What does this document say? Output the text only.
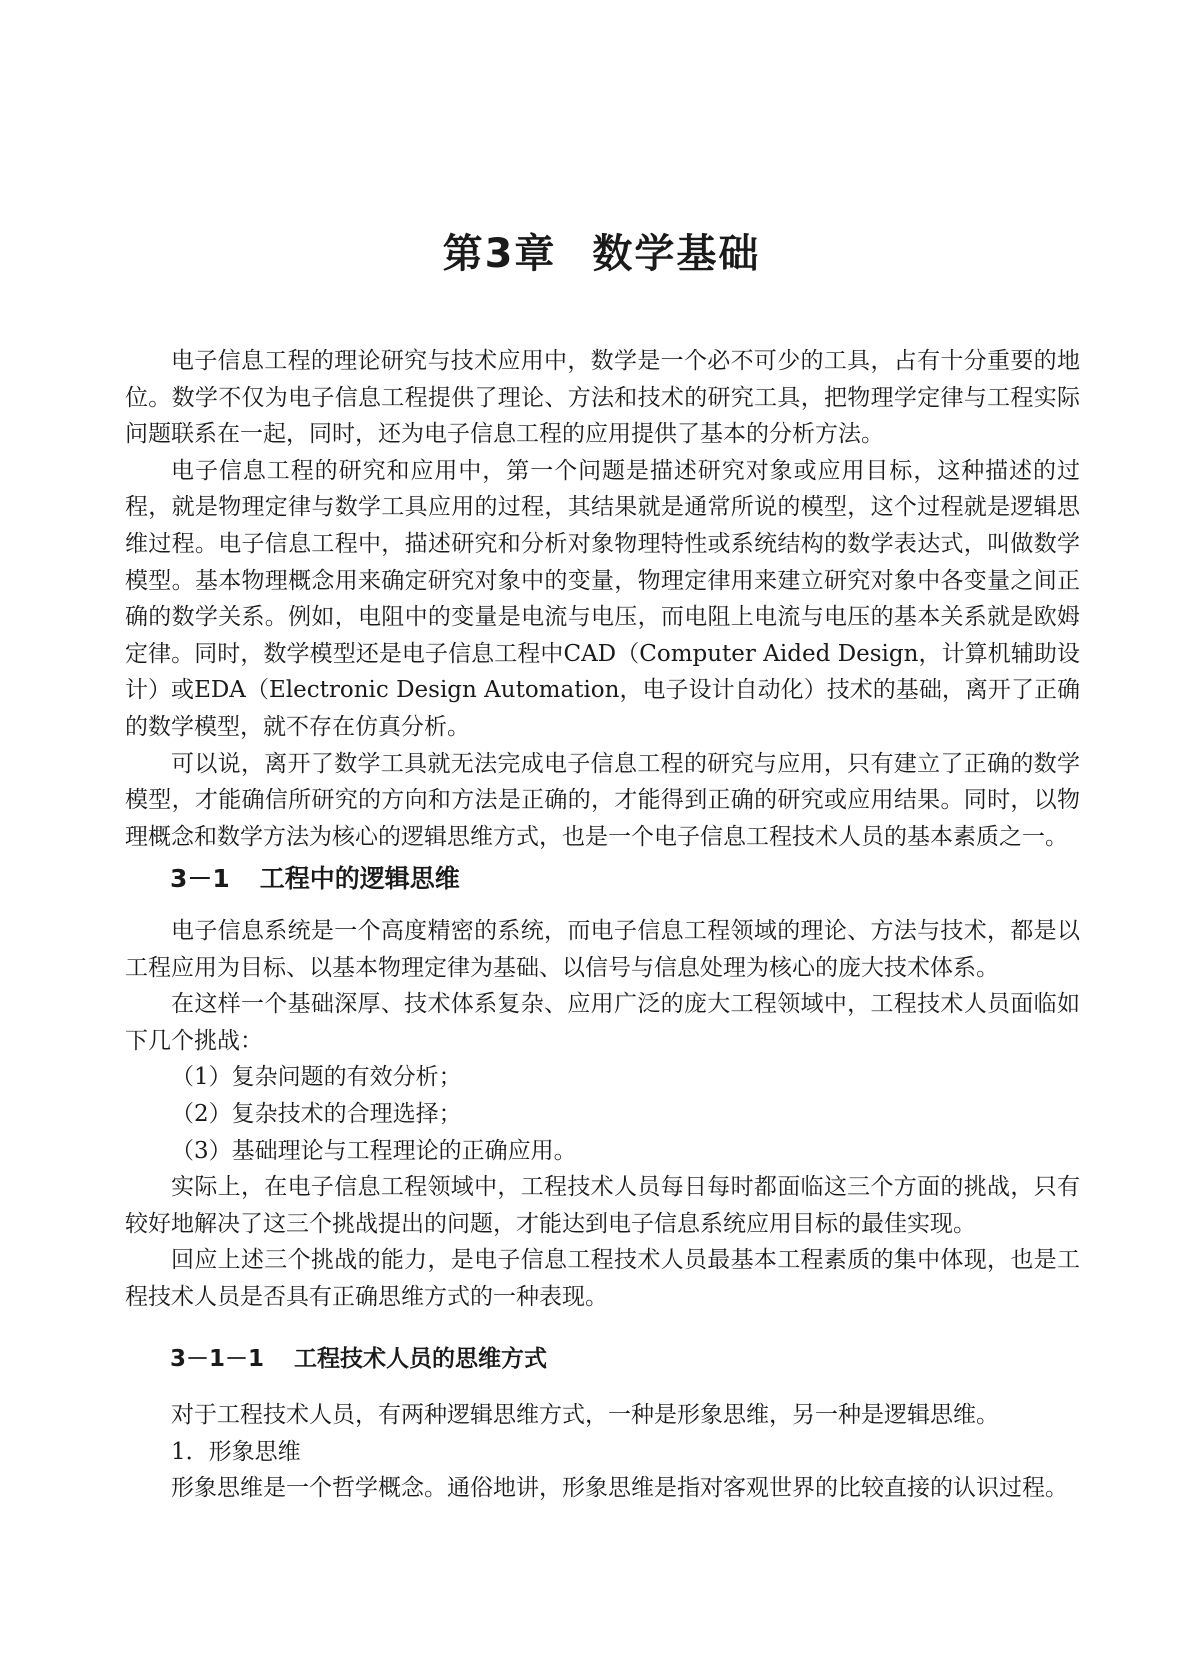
第3章 数学基础

电子信息工程的理论研究与技术应用中，数学是一个必不可少的工具，占有十分重要的地位。数学不仅为电子信息工程提供了理论、方法和技术的研究工具，把物理学定律与工程实际问题联系在一起，同时，还为电子信息工程的应用提供了基本的分析方法。

电子信息工程的研究和应用中，第一个问题是描述研究对象或应用目标，这种描述的过程，就是物理定律与数学工具应用的过程，其结果就是通常所说的模型，这个过程就是逻辑思维过程。电子信息工程中，描述研究和分析对象物理特性或系统结构的数学表达式，叫做数学模型。基本物理概念用来确定研究对象中的变量，物理定律用来建立研究对象中各变量之间正确的数学关系。例如，电阻中的变量是电流与电压，而电阻上电流与电压的基本关系就是欧姆定律。同时，数学模型还是电子信息工程中CAD（Computer Aided Design，计算机辅助设计）或EDA（Electronic Design Automation，电子设计自动化）技术的基础，离开了正确的数学模型，就不存在仿真分析。

可以说，离开了数学工具就无法完成电子信息工程的研究与应用，只有建立了正确的数学模型，才能确信所研究的方向和方法是正确的，才能得到正确的研究或应用结果。同时，以物理概念和数学方法为核心的逻辑思维方式，也是一个电子信息工程技术人员的基本素质之一。

3－1 工程中的逻辑思维

电子信息系统是一个高度精密的系统，而电子信息工程领域的理论、方法与技术，都是以工程应用为目标、以基本物理定律为基础、以信号与信息处理为核心的庞大技术体系。

在这样一个基础深厚、技术体系复杂、应用广泛的庞大工程领域中，工程技术人员面临如下几个挑战：

（1）复杂问题的有效分析；

（2）复杂技术的合理选择；

（3）基础理论与工程理论的正确应用。

实际上，在电子信息工程领域中，工程技术人员每日每时都面临这三个方面的挑战，只有较好地解决了这三个挑战提出的问题，才能达到电子信息系统应用目标的最佳实现。

回应上述三个挑战的能力，是电子信息工程技术人员最基本工程素质的集中体现，也是工程技术人员是否具有正确思维方式的一种表现。

3－1－1 工程技术人员的思维方式

对于工程技术人员，有两种逻辑思维方式，一种是形象思维，另一种是逻辑思维。

1．形象思维

形象思维是一个哲学概念。通俗地讲，形象思维是指对客观世界的比较直接的认识过程。
